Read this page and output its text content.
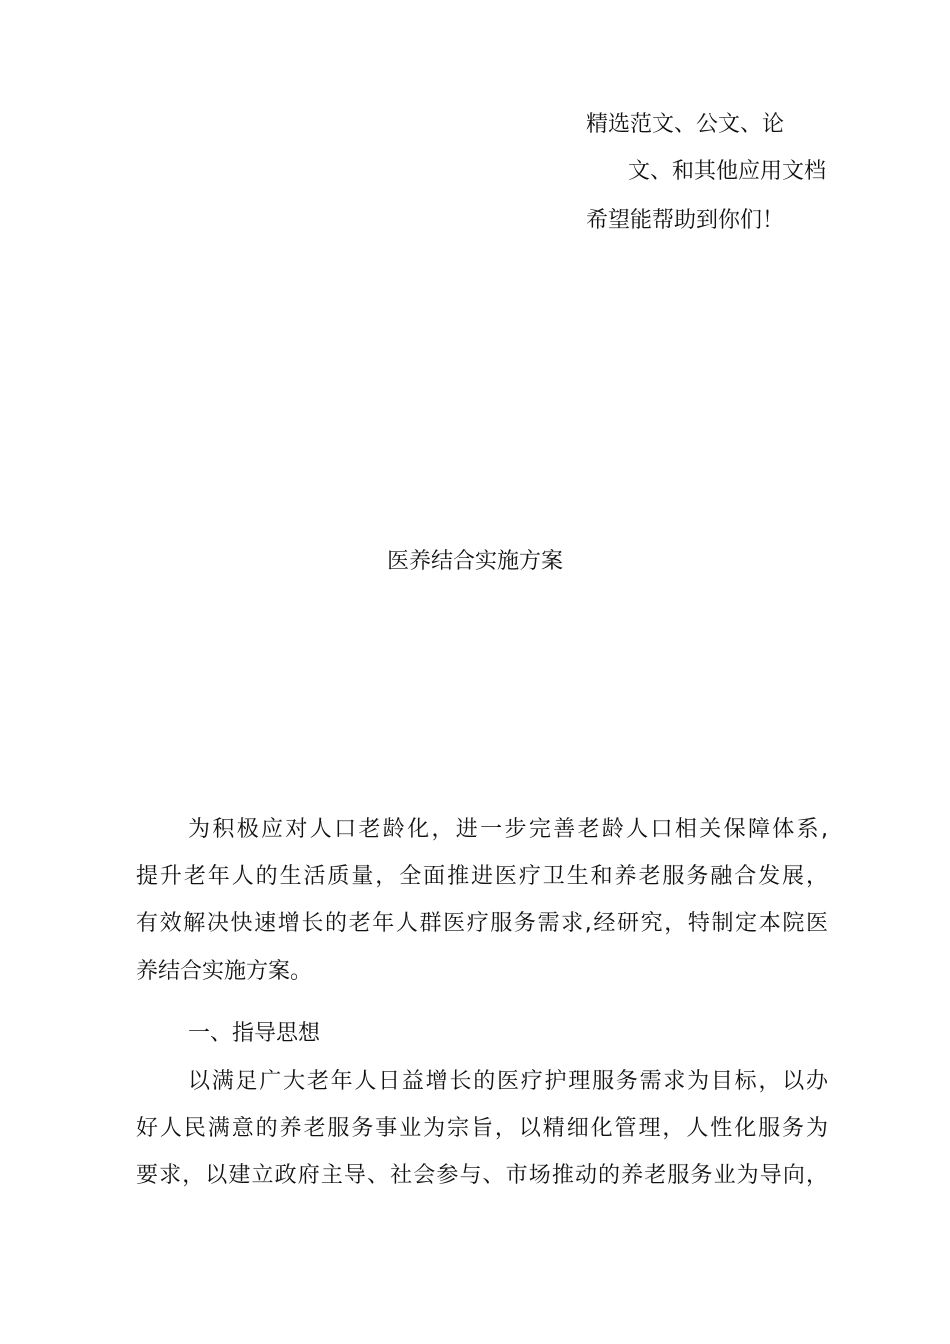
精选范文、公文、论
文、和其他应用文档
希望能帮助到你们！
医养结合实施方案
为积极应对人口老龄化，进一步完善老龄人口相关保障体系,
提升老年人的生活质量，全面推进医疗卫生和养老服务融合发展，
有效解决快速增长的老年人群医疗服务需求,经研究，特制定本院医
养结合实施方案。
一、指导思想
以满足广大老年人日益增长的医疗护理服务需求为目标，以办
好人民满意的养老服务事业为宗旨，以精细化管理，人性化服务为
要求，以建立政府主导、社会参与、市场推动的养老服务业为导向，
